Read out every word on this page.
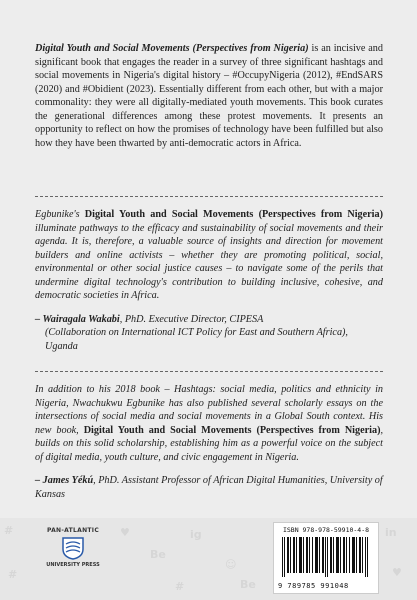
Digital Youth and Social Movements (Perspectives from Nigeria) is an incisive and significant book that engages the reader in a survey of three significant hashtags and social movements in Nigeria's digital history – #OccupyNigeria (2012), #EndSARS (2020) and #Obidient (2023). Essentially different from each other, but with a major commonality: they were all digitally-mediated youth movements. This book curates the generational differences among these protest movements. It presents an opportunity to reflect on how the promises of technology have been fulfilled but also how they have been thwarted by anti-democratic actors in Africa.
Egbunike's Digital Youth and Social Movements (Perspectives from Nigeria) illuminate pathways to the efficacy and sustainability of social movements and their agenda. It is, therefore, a valuable source of insights and direction for movement builders and online activists – whether they are promoting political, social, environmental or other social justice causes – to navigate some of the perils that undermine digital technology's contribution to building inclusive, cohesive, and democratic societies in Africa.
– Wairagala Wakabi, PhD. Executive Director, CIPESA
(Collaboration on International ICT Policy for East and Southern Africa), Uganda
In addition to his 2018 book – Hashtags: social media, politics and ethnicity in Nigeria, Nwachukwu Egbunike has also published several scholarly essays on the intersections of social media and social movements in a Global South context. His new book, Digital Youth and Social Movements (Perspectives from Nigeria), builds on this solid scholarship, establishing him as a powerful voice on the subject of digital media, youth culture, and civic engagement in Nigeria.
– James Yékú, PhD. Assistant Professor of African Digital Humanities, University of Kansas
#	♥
Be
ig
☺
#
in
♥
Be
#
PAN-ATLANTIC
UNIVERSITY PRESS
ISBN 978-978-59910-4-8
9 789785 991048
